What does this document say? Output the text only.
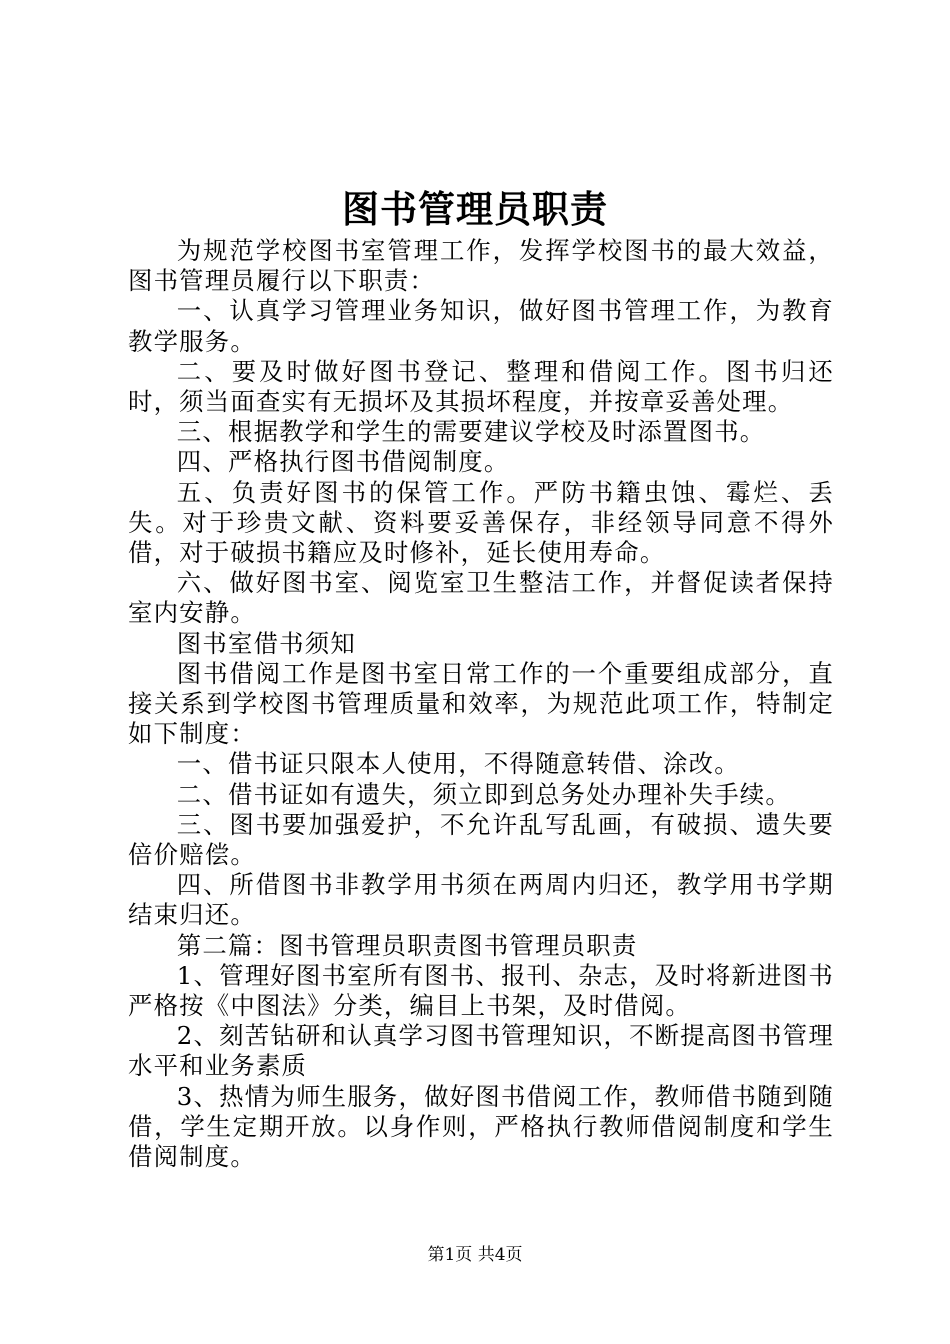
图书管理员职责

为规范学校图书室管理工作，发挥学校图书的最大效益，图书管理员履行以下职责：

一、认真学习管理业务知识，做好图书管理工作，为教育教学服务。

二、要及时做好图书登记、整理和借阅工作。图书归还时，须当面查实有无损坏及其损坏程度，并按章妥善处理。

三、根据教学和学生的需要建议学校及时添置图书。

四、严格执行图书借阅制度。

五、负责好图书的保管工作。严防书籍虫蚀、霉烂、丢失。对于珍贵文献、资料要妥善保存，非经领导同意不得外借，对于破损书籍应及时修补，延长使用寿命。

六、做好图书室、阅览室卫生整洁工作，并督促读者保持室内安静。

图书室借书须知

图书借阅工作是图书室日常工作的一个重要组成部分，直接关系到学校图书管理质量和效率，为规范此项工作，特制定如下制度：

一、借书证只限本人使用，不得随意转借、涂改。

二、借书证如有遗失，须立即到总务处办理补失手续。

三、图书要加强爱护，不允许乱写乱画，有破损、遗失要倍价赔偿。

四、所借图书非教学用书须在两周内归还，教学用书学期结束归还。

第二篇：图书管理员职责图书管理员职责

1、管理好图书室所有图书、报刊、杂志，及时将新进图书严格按《中图法》分类，编目上书架，及时借阅。

2、刻苦钻研和认真学习图书管理知识，不断提高图书管理水平和业务素质

3、热情为师生服务，做好图书借阅工作，教师借书随到随借，学生定期开放。以身作则，严格执行教师借阅制度和学生借阅制度。

第1页 共4页
